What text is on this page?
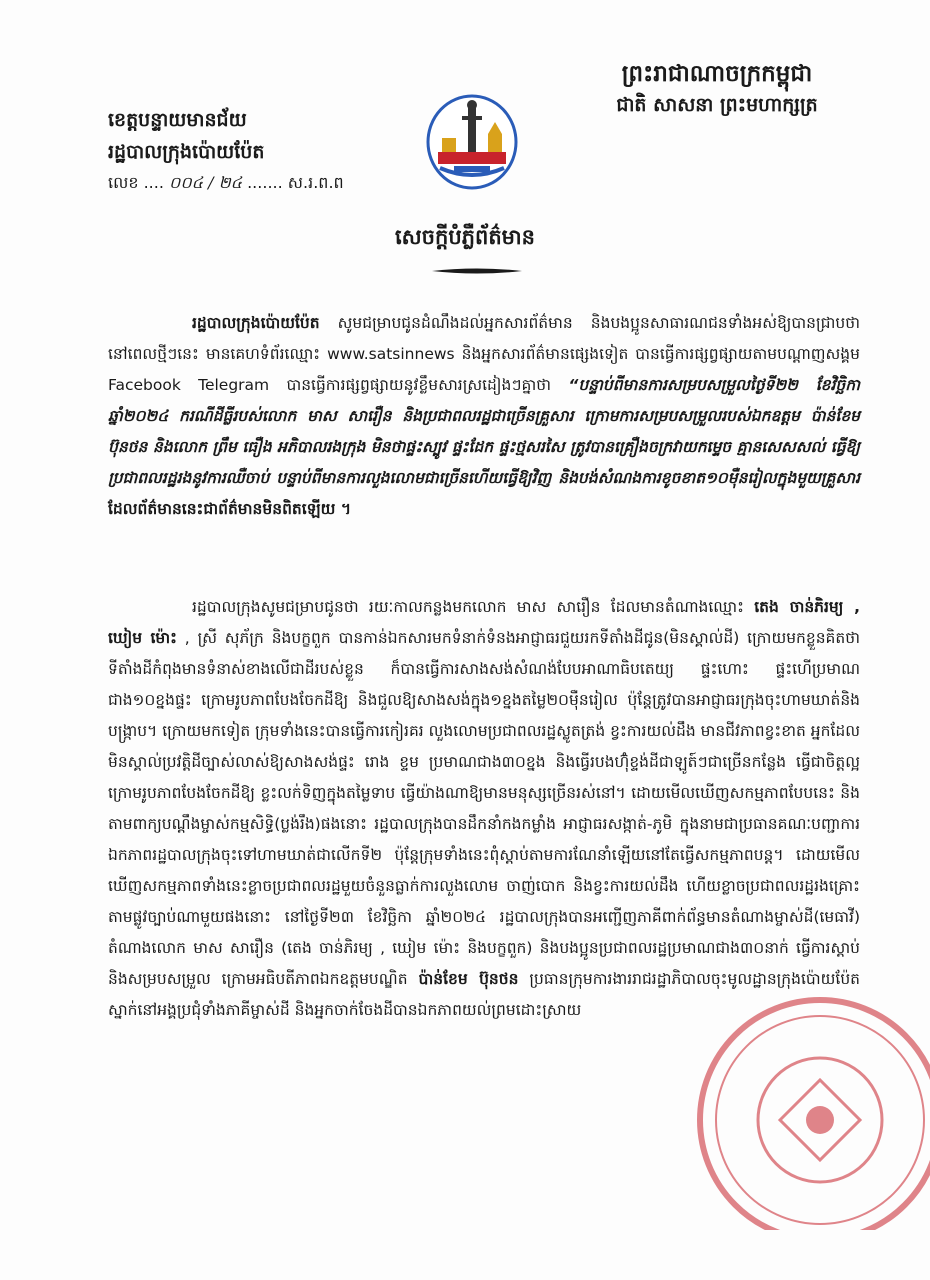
ព្រះរាជាណាចក្រកម្ពុជា
ជាតិ សាសនា ព្រះមហាក្សត្រ
ខេត្តបន្ទាយមានជ័យ
រដ្ឋបាលក្រុងប៉ោយប៉ែត
លេខ .... ០០៤ / ២៤ ....... ស.រ.ព.ព
សេចក្តីបំភ្លឺព័ត៌មាន
រដ្ឋបាលក្រុងប៉ោយប៉ែត សូមជម្រាបជូនដំណឹងដល់អ្នកសារព័ត៌មាន និងបងប្អូនសាធារណជនទាំងអស់ឱ្យបានជ្រាបថា នៅពេលថ្មីៗនេះ មានគេហទំព័រឈ្មោះ www.satsinnews និងអ្នកសារព័ត៌មានផ្សេងទៀត បានធ្វើការផ្សព្វផ្សាយតាមបណ្ដាញសង្គម Facebook Telegram បានធ្វើការផ្សព្វផ្សាយនូវខ្លឹមសារស្រដៀងៗគ្នាថា “បន្ទាប់ពីមានការសម្របសម្រួលថ្ងៃទី២២ ខែវិច្ឆិកា ឆ្នាំ២០២៤ ករណីដីធ្លីរបស់លោក មាស សារឿន និងប្រជាពលរដ្ឋជាច្រើនគ្រួសារ ក្រោមការសម្របសម្រួលរបស់ឯកឧត្តម ប៉ាន់ខែម ប៊ុនថន និងលោក ព្រឹម ធឿង អភិបាលរងក្រុង មិនថាផ្ទះស្បូវ ផ្ទះដែក ផ្ទះថ្មសរសៃ ត្រូវបានគ្រឿងចក្រវាយកម្ទេច គ្មានសេសសល់ ធ្វើឱ្យប្រជាពលរដ្ឋរងនូវការឈឺចាប់ បន្ទាប់ពីមានការលួងលោមជាច្រើនហើយធ្វើឱ្យវិញ និងបង់សំណងការខូចខាត១០ម៉ឺនរៀលក្នុងមួយគ្រួសារ ដែលព័ត៌មាននេះជាព័ត៌មានមិនពិតឡើយ ។
រដ្ឋបាលក្រុងសូមជម្រាបជូនថា រយៈកាលកន្លងមកលោក មាស សារឿន ដែលមានតំណាងឈ្មោះ តេង ចាន់ភិរម្យ , ឃៀម ម៉ោះ , ស្រី សុភ័ក្រ និងបក្ខពួក បានកាន់ឯកសារមកទំនាក់ទំនងអាជ្ញាធរជួយរកទីតាំងដីជូន(មិនស្គាល់ដី) ក្រោយមកខ្លួនគិតថាទីតាំងដីកំពុងមានទំនាស់ខាងលើជាដីរបស់ខ្លួន ក៏បានធ្វើការសាងសង់សំណង់បែបអាណាធិបតេយ្យ ផ្ទះហោះ ផ្ទះហើប្រមាណជាង១០ខ្នងផ្ទះ ក្រោមរូបភាពបែងចែកដីឱ្យ និងជួលឱ្យសាងសង់ក្នុង១ខ្នងតម្លៃ២០ម៉ឺនរៀល ប៉ុន្តែត្រូវបានអាជ្ញាធរក្រុងចុះហាមឃាត់និងបង្រ្កាប។ ក្រោយមកទៀត ក្រុមទាំងនេះបានធ្វើការកៀរគរ លួងលោមប្រជាពលរដ្ឋស្លូតត្រង់ ខ្វះការយល់ដឹង មានជីវភាពខ្វះខាត អ្នកដែលមិនស្គាល់ប្រវត្តិដីច្បាស់លាស់ឱ្យសាងសង់ផ្ទះ រោង ខ្ទម ប្រមាណជាង៣០ខ្នង និងធ្វើរបងហ៊ុំខ្ទង់ដីជាឡូត៍ៗជាច្រើនកន្លែង ធ្វើជាចិត្តល្អក្រោមរូបភាពបែងចែកដីឱ្យ ខ្លះលក់ទិញក្នុងតម្លៃទាប ធ្វើយ៉ាងណាឱ្យមានមនុស្សច្រើនរស់នៅ។ ដោយមើលឃើញសកម្មភាពបែបនេះ និងតាមពាក្យបណ្ដឹងម្ចាស់កម្មសិទ្ធិ(ប្លង់រឹង)ផងនោះ រដ្ឋបាលក្រុងបានដឹកនាំកងកម្លាំង អាជ្ញាធរសង្កាត់-ភូមិ ក្នុងនាមជាប្រធានគណៈបញ្ជាការឯកភាពរដ្ឋបាលក្រុងចុះទៅហាមឃាត់ជាលើកទី២ ប៉ុន្តែក្រុមទាំងនេះពុំស្ដាប់តាមការណែនាំឡើយនៅតែធ្វើសកម្មភាពបន្ត។ ដោយមើលឃើញសកម្មភាពទាំងនេះខ្លាចប្រជាពលរដ្ឋមួយចំនួនធ្លាក់ការលួងលោម ចាញ់បោក និងខ្វះការយល់ដឹង ហើយខ្លាចប្រជាពលរដ្ឋរងគ្រោះតាមផ្លូវច្បាប់ណាមួយផងនោះ នៅថ្ងៃទី២៣ ខែវិច្ឆិកា ឆ្នាំ២០២៤ រដ្ឋបាលក្រុងបានអញ្ជើញភាគីពាក់ព័ន្ធមានតំណាងម្ចាស់ដី(មេធាវី) តំណាងលោក មាស សារឿន (តេង ចាន់ភិរម្យ , ឃៀម ម៉ោះ និងបក្ខពួក) និងបងប្អូនប្រជាពលរដ្ឋប្រមាណជាង៣០នាក់ ធ្វើការស្ដាប់ និងសម្របសម្រួល ក្រោមអធិបតីភាពឯកឧត្តមបណ្ឌិត ប៉ាន់ខែម ប៊ុនថន ប្រធានក្រុមការងាររាជរដ្ឋាភិបាលចុះមូលដ្ឋានក្រុងប៉ោយប៉ែត ស្នាក់នៅអង្គប្រជុំទាំងភាគីម្ចាស់ដី និងអ្នកចាក់ចែងដីបានឯកភាពយល់ព្រមដោះស្រាយ
